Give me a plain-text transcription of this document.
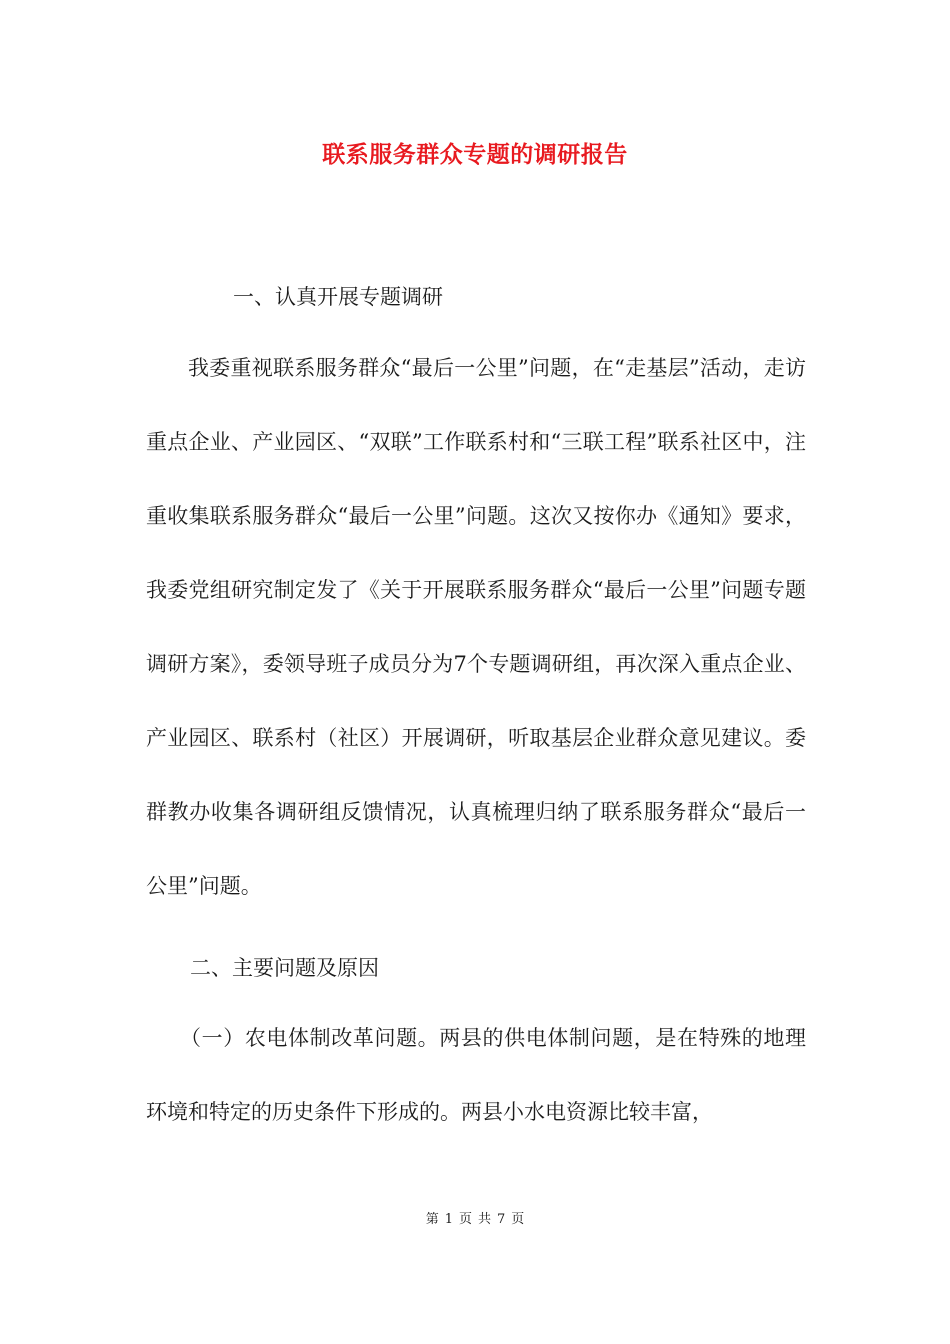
联系服务群众专题的调研报告
一、认真开展专题调研

我委重视联系服务群众“最后一公里”问题，在“走基层”活动，走访重点企业、产业园区、“双联”工作联系村和“三联工程”联系社区中，注重收集联系服务群众“最后一公里”问题。这次又按你办《通知》要求，我委党组研究制定发了《关于开展联系服务群众“最后一公里”问题专题调研方案》，委领导班子成员分为7个专题调研组，再次深入重点企业、产业园区、联系村（社区）开展调研，听取基层企业群众意见建议。委群教办收集各调研组反馈情况，认真梳理归纳了联系服务群众“最后一公里”问题。

二、主要问题及原因

（一）农电体制改革问题。两县的供电体制问题，是在特殊的地理环境和特定的历史条件下形成的。两县小水电资源比较丰富，

第 1 页 共 7 页
